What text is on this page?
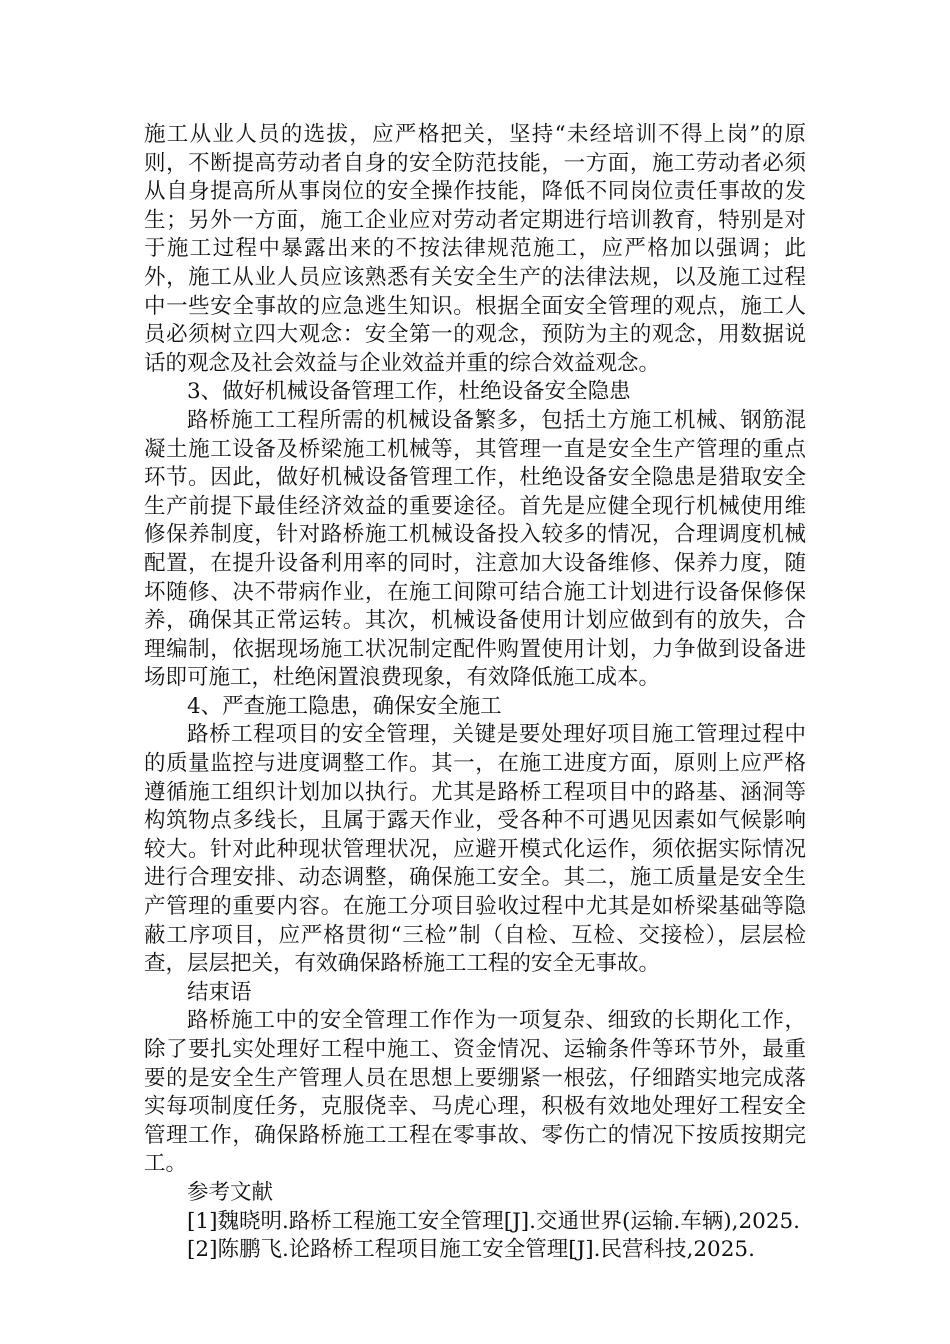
施工从业人员的选拔，应严格把关，坚持“未经培训不得上岗”的原则，不断提高劳动者自身的安全防范技能，一方面，施工劳动者必须从自身提高所从事岗位的安全操作技能，降低不同岗位责任事故的发生；另外一方面，施工企业应对劳动者定期进行培训教育，特别是对于施工过程中暴露出来的不按法律规范施工，应严格加以强调；此外，施工从业人员应该熟悉有关安全生产的法律法规，以及施工过程中一些安全事故的应急逃生知识。根据全面安全管理的观点，施工人员必须树立四大观念：安全第一的观念，预防为主的观念，用数据说话的观念及社会效益与企业效益并重的综合效益观念。

3、做好机械设备管理工作，杜绝设备安全隐患

路桥施工工程所需的机械设备繁多，包括土方施工机械、钢筋混凝土施工设备及桥梁施工机械等，其管理一直是安全生产管理的重点环节。因此，做好机械设备管理工作，杜绝设备安全隐患是猎取安全生产前提下最佳经济效益的重要途径。首先是应健全现行机械使用维修保养制度，针对路桥施工机械设备投入较多的情况，合理调度机械配置，在提升设备利用率的同时，注意加大设备维修、保养力度，随坏随修、决不带病作业，在施工间隙可结合施工计划进行设备保修保养，确保其正常运转。其次，机械设备使用计划应做到有的放失，合理编制，依据现场施工状况制定配件购置使用计划，力争做到设备进场即可施工，杜绝闲置浪费现象，有效降低施工成本。

4、严查施工隐患，确保安全施工

路桥工程项目的安全管理，关键是要处理好项目施工管理过程中的质量监控与进度调整工作。其一，在施工进度方面，原则上应严格遵循施工组织计划加以执行。尤其是路桥工程项目中的路基、涵洞等构筑物点多线长，且属于露天作业，受各种不可遇见因素如气候影响较大。针对此种现状管理状况，应避开模式化运作，须依据实际情况进行合理安排、动态调整，确保施工安全。其二，施工质量是安全生产管理的重要内容。在施工分项目验收过程中尤其是如桥梁基础等隐蔽工序项目，应严格贯彻“三检”制（自检、互检、交接检），层层检查，层层把关，有效确保路桥施工工程的安全无事故。

结束语

路桥施工中的安全管理工作作为一项复杂、细致的长期化工作，除了要扎实处理好工程中施工、资金情况、运输条件等环节外，最重要的是安全生产管理人员在思想上要绷紧一根弦，仔细踏实地完成落实每项制度任务，克服侥幸、马虎心理，积极有效地处理好工程安全管理工作，确保路桥施工工程在零事故、零伤亡的情况下按质按期完工。

参考文献

[1]魏晓明.路桥工程施工安全管理[J].交通世界(运输.车辆),2025.

[2]陈鹏飞.论路桥工程项目施工安全管理[J].民营科技,2025.
